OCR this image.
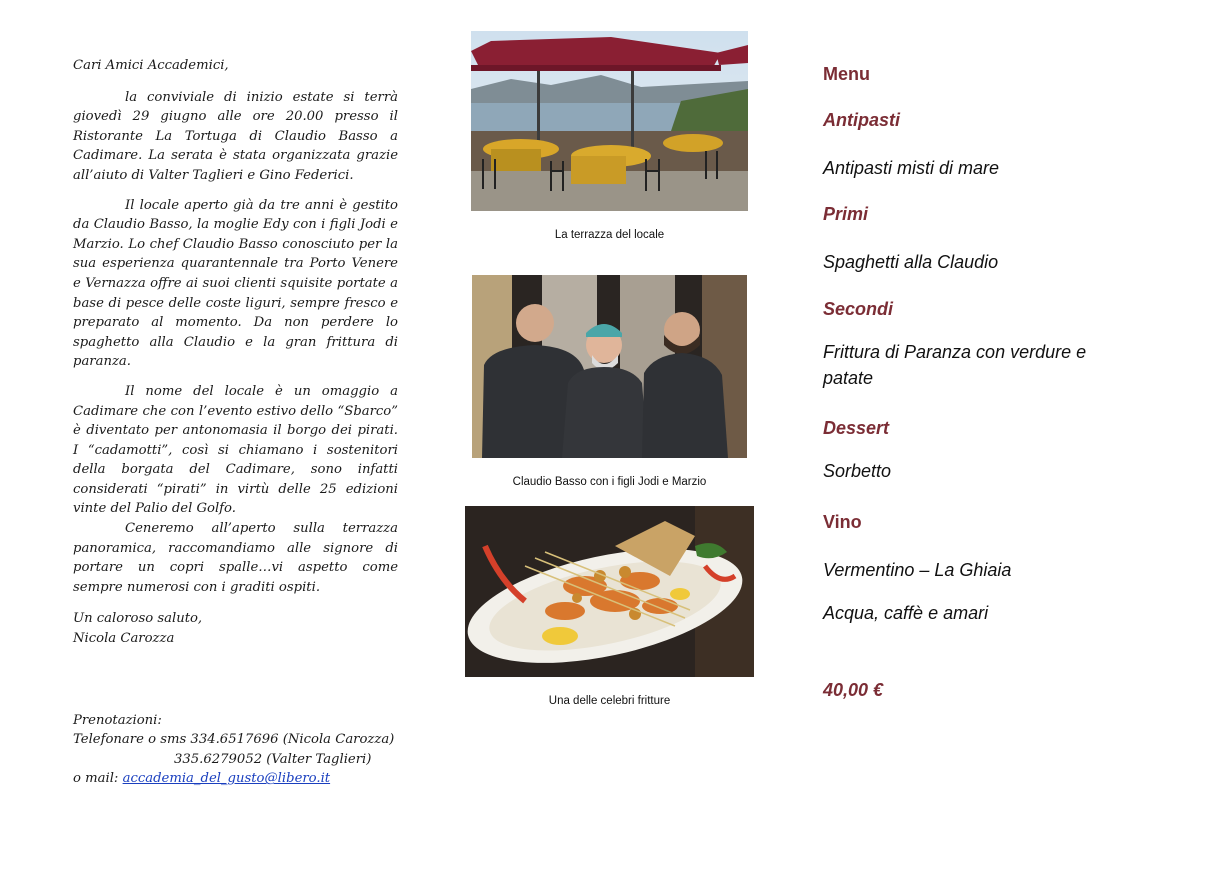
Cari Amici Accademici,

la conviviale di inizio estate si terrà giovedì 29 giugno alle ore 20.00 presso il Ristorante La Tortuga di Claudio Basso a Cadimare. La serata è stata organizzata grazie all’aiuto di Valter Taglieri e Gino Federici.

Il locale aperto già da tre anni è gestito da Claudio Basso, la moglie Edy con i figli Jodi e Marzio. Lo chef Claudio Basso conosciuto per la sua esperienza quarantennale tra Porto Venere e Vernazza offre ai suoi clienti squisite portate a base di pesce delle coste liguri, sempre fresco e preparato al momento. Da non perdere lo spaghetto alla Claudio e la gran frittura di paranza.

Il nome del locale è un omaggio a Cadimare che con l’evento estivo dello “Sbarco” è diventato per antonomasia il borgo dei pirati. I “cadamotti”, così si chiamano i sostenitori della borgata del Cadimare, sono infatti considerati “pirati” in virtù delle 25 edizioni vinte del Palio del Golfo.

Ceneremo all’aperto sulla terrazza panoramica, raccomandiamo alle signore di portare un copri spalle…vi aspetto come sempre numerosi con i graditi ospiti.

Un caloroso saluto,

Nicola Carozza

Prenotazioni:

Telefonare o sms 334.6517696 (Nicola Carozza)

335.6279052 (Valter Taglieri)

o mail: accademia_del_gusto@libero.it

La terrazza del locale
Claudio Basso con i figli Jodi e Marzio
Una delle celebri fritture
Menu
Antipasti
Antipasti misti di mare
Primi
Spaghetti alla Claudio
Secondi
Frittura di Paranza con verdure e patate
Dessert
Sorbetto
Vino
Vermentino – La Ghiaia
Acqua, caffè e amari
40,00 €
